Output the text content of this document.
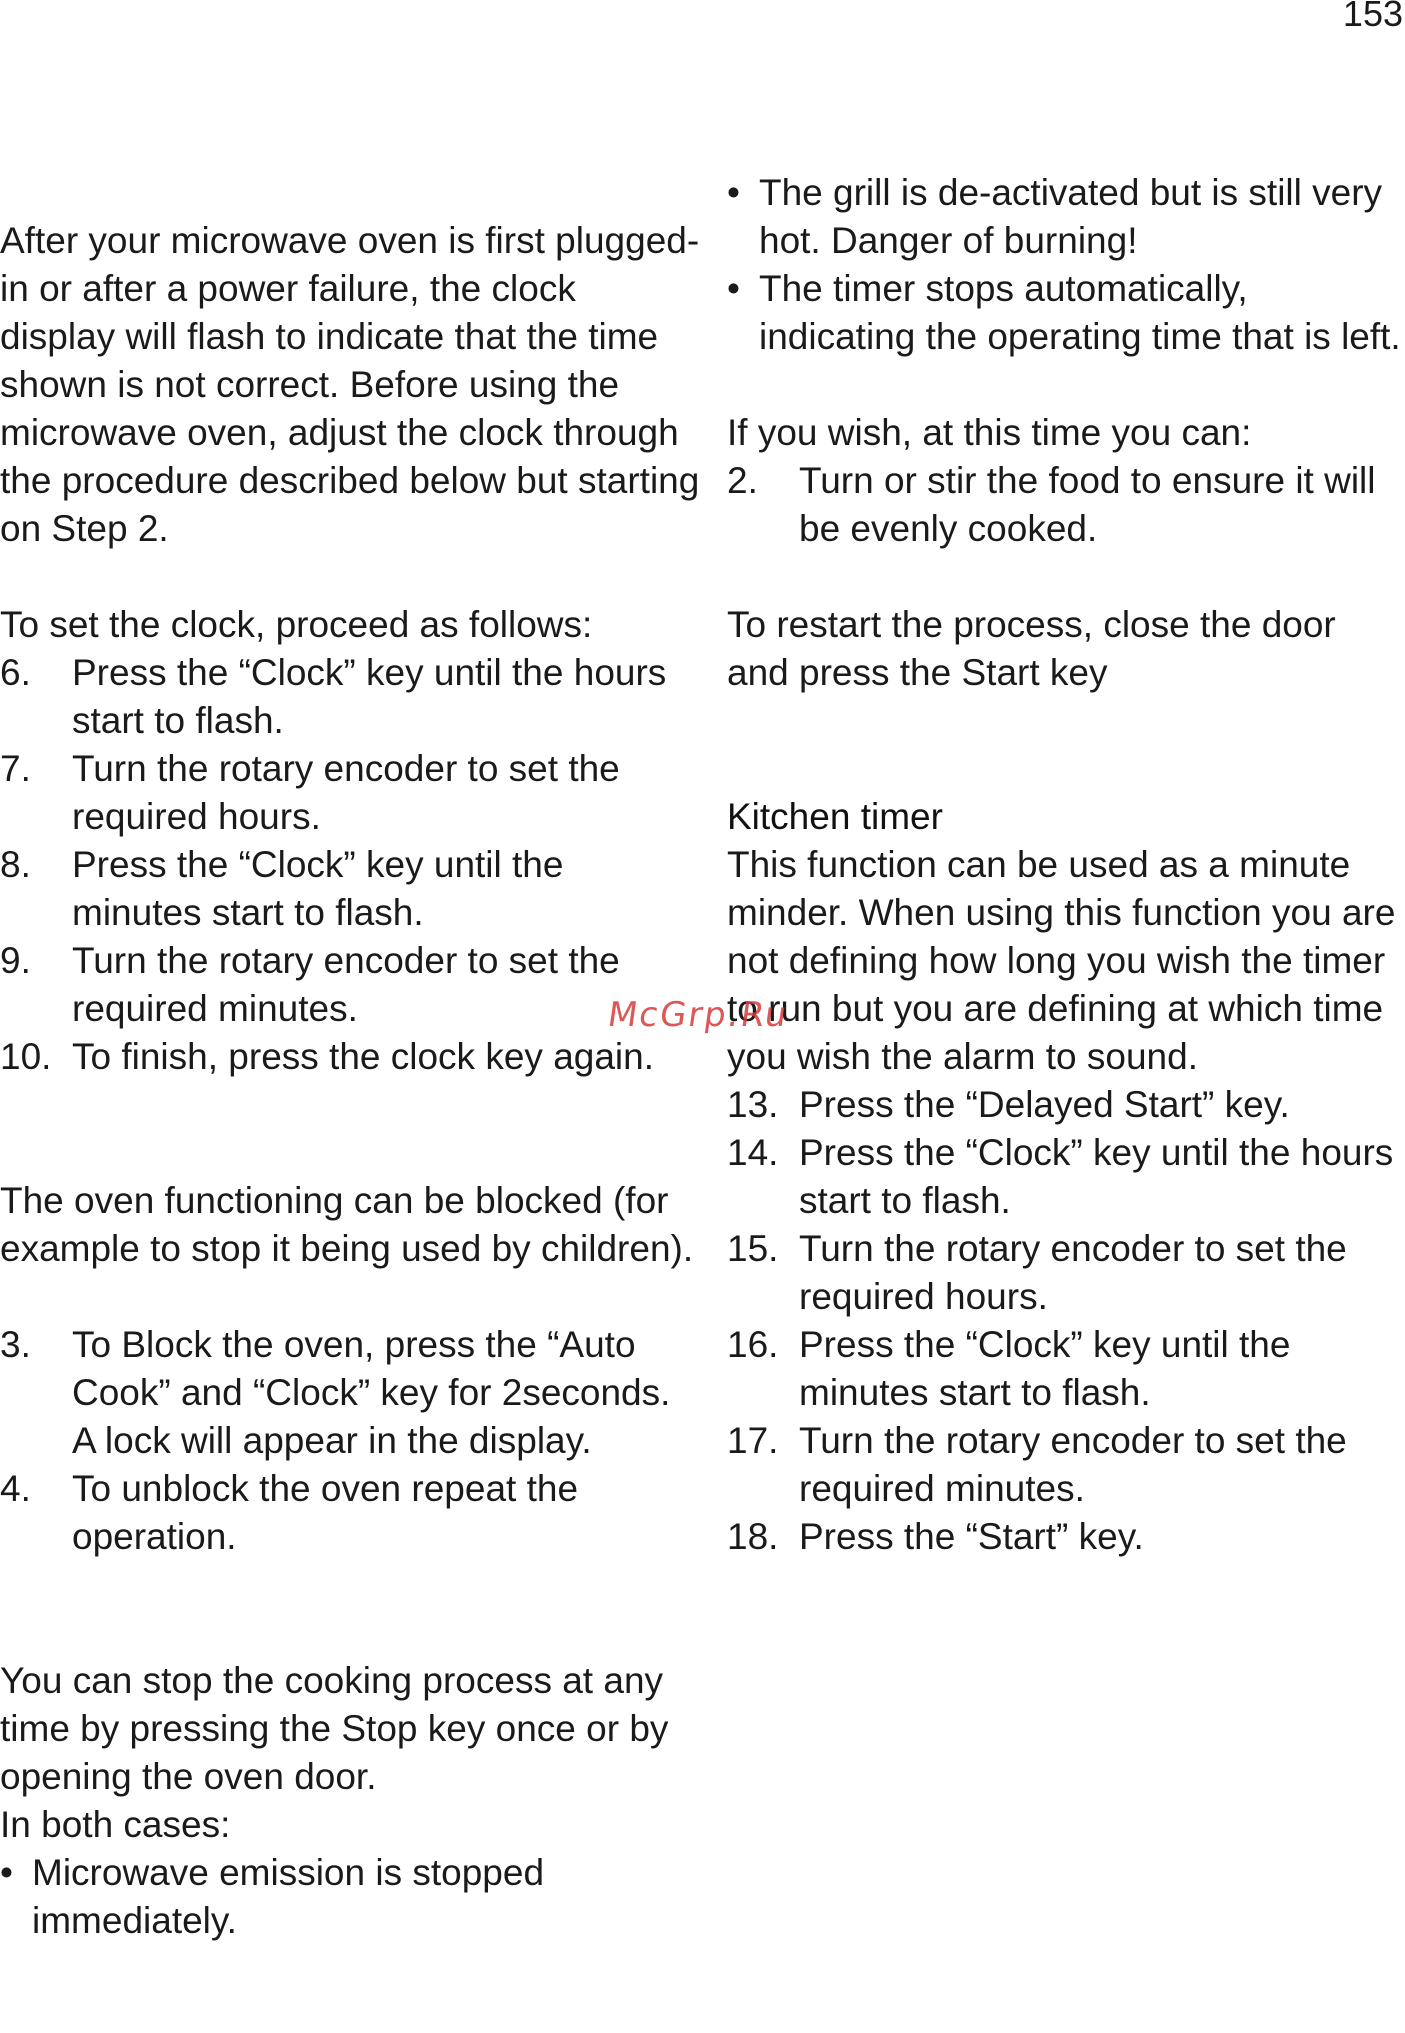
153

After your microwave oven is first plugged-in or after a power failure, the clock display will flash to indicate that the time shown is not correct. Before using the microwave oven, adjust the clock through the procedure described below but starting on Step 2.

To set the clock, proceed as follows:

6.	Press the “Clock” key until the hours start to flash.
7.	Turn the rotary encoder to set the required hours.
8.	Press the “Clock” key until the minutes start to flash.
9.	Turn the rotary encoder to set the required minutes.
10. To finish, press the clock key again.

The oven functioning can be blocked (for example to stop it being used by children).

3.	To Block the oven, press the “Auto Cook” and “Clock” key for 2seconds. A lock will appear in the display.
4.	To unblock the oven repeat the operation.

You can stop the cooking process at any time by pressing the Stop key once or by opening the oven door.

In both cases:

• Microwave emission is stopped immediately.
• The grill is de-activated but is still very hot. Danger of burning!
• The timer stops automatically, indicating the operating time that is left.

If you wish, at this time you can:

2.	Turn or stir the food to ensure it will be evenly cooked.

To restart the process, close the door and press the Start key

Kitchen timer

This function can be used as a minute minder. When using this function you are not defining how long you wish the timer to run but you are defining at which time you wish the alarm to sound.

13. Press the “Delayed Start” key.
14. Press the “Clock” key until the hours start to flash.
15. Turn the rotary encoder to set the required hours.
16. Press the “Clock” key until the minutes start to flash.
17. Turn the rotary encoder to set the required minutes.
18. Press the “Start” key.
McGrp.Ru
